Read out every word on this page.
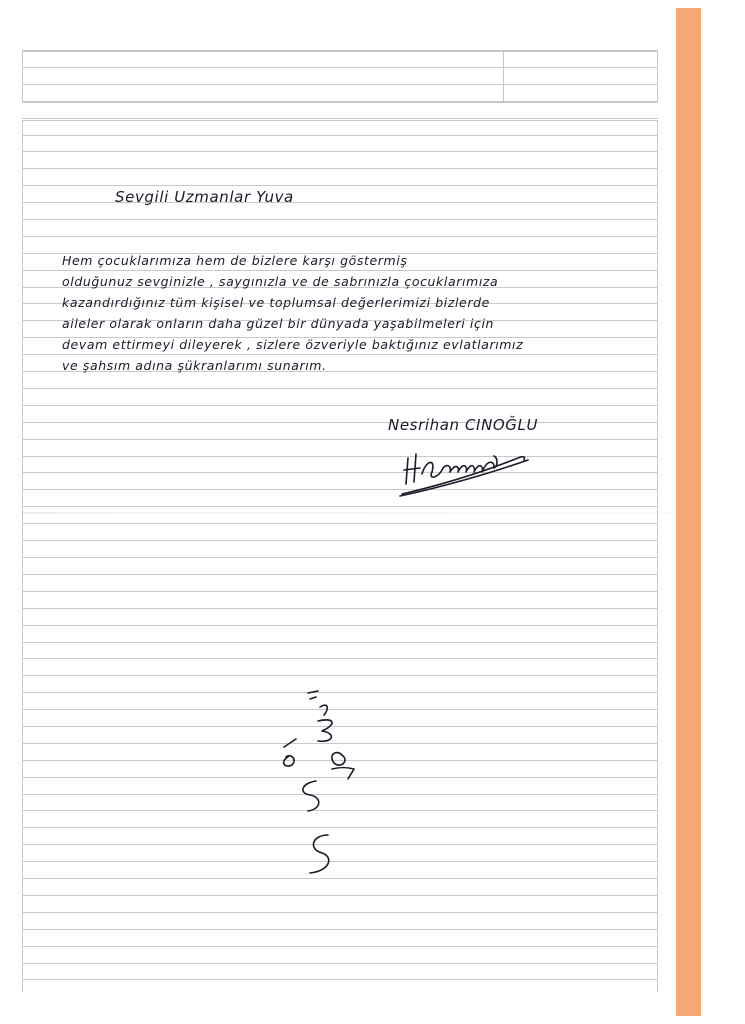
Sevgili Uzmanlar Yuva
Hem çocuklarımıza hem de bizlere karşı göstermiş
olduğunuz sevginizle , saygınızla ve de sabrınızla çocuklarımıza
kazandırdığınız tüm kişisel ve toplumsal değerlerimizi bizlerde
aileler olarak onların daha güzel bir dünyada yaşabilmeleri için
devam ettirmeyi dileyerek , sizlere özveriyle baktığınız evlatlarımız
ve şahsım adına şükranlarımı sunarım.
Nesrihan CINOĞLU
